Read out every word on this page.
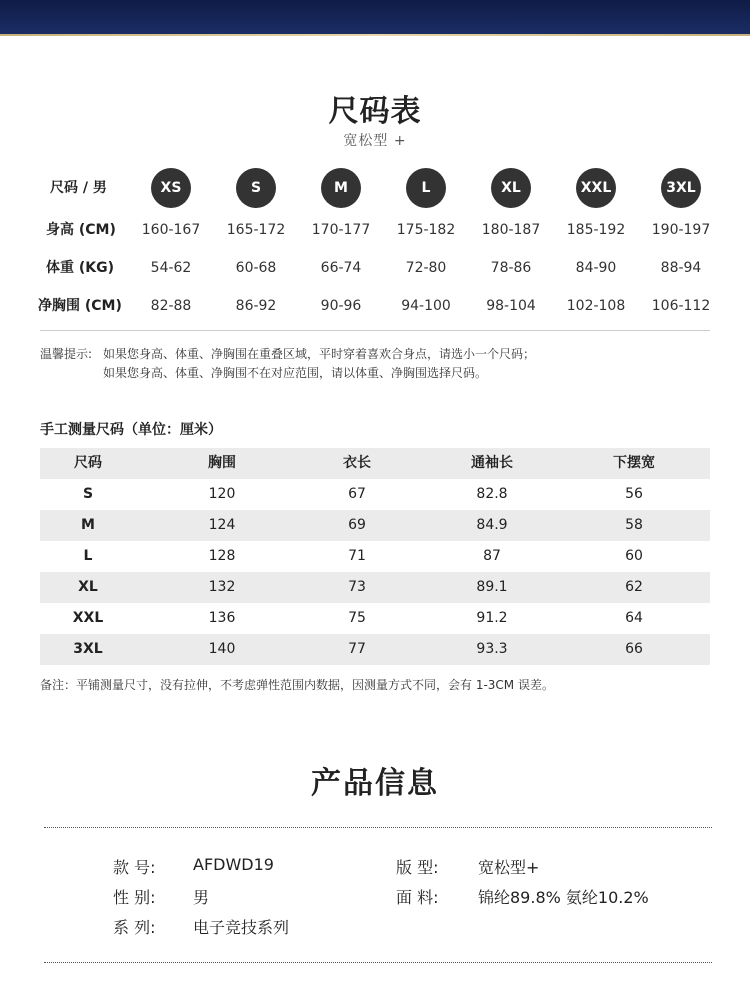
尺码表
宽松型 +
尺码 / 男	XS	S	M	L	XL	XXL	3XL
身高 (CM)	160-167	165-172	170-177	175-182	180-187	185-192	190-197
体重 (KG)	54-62	60-68	66-74	72-80	78-86	84-90	88-94
净胸围 (CM)	82-88	86-92	90-96	94-100	98-104	102-108	106-112
温馨提示: 如果您身高、体重、净胸围在重叠区域，平时穿着喜欢合身点，请选小一个尺码；
如果您身高、体重、净胸围不在对应范围，请以体重、净胸围选择尺码。
手工测量尺码（单位：厘米）
尺码	胸围	衣长	通袖长	下摆宽
S	120	67	82.8	56
M	124	69	84.9	58
L	128	71	87	60
XL	132	73	89.1	62
XXL	136	75	91.2	64
3XL	140	77	93.3	66
备注：平铺测量尺寸，没有拉伸，不考虑弹性范围内数据，因测量方式不同，会有 1-3CM 误差。
产品信息
款 号: AFDWD19	版 型: 宽松型+
性 别: 男	面 料: 锦纶89.8% 氨纶10.2%
系 列: 电子竞技系列
